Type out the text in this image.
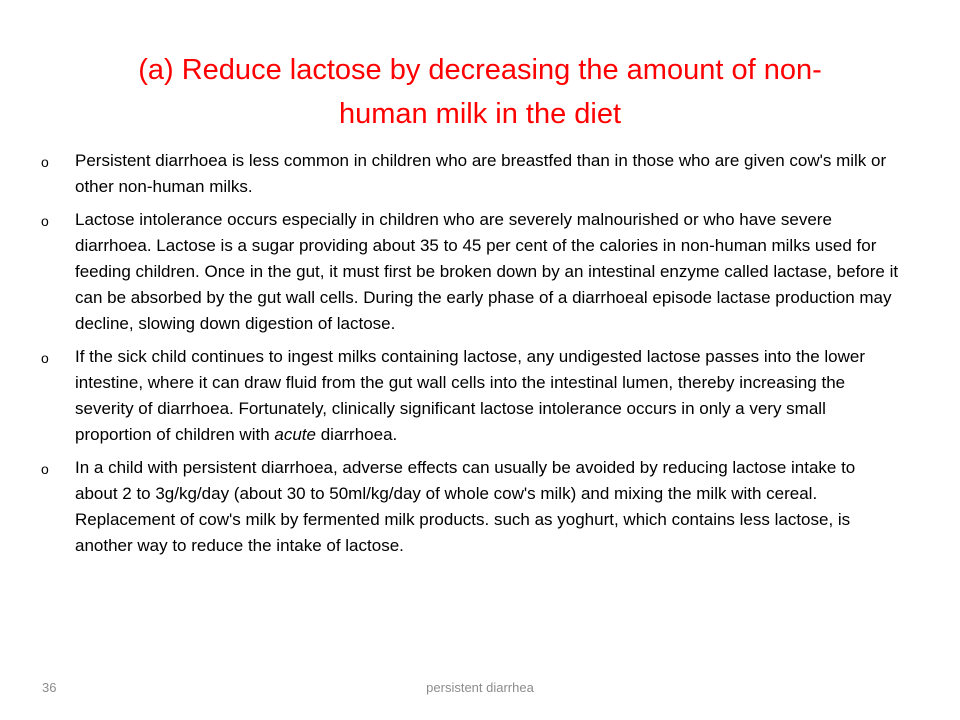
(a) Reduce lactose by decreasing the amount of non-
human milk in the diet
o Persistent diarrhoea is less common in children who are breastfed than in those who are given cow's milk or other non-human milks.
o Lactose intolerance occurs especially in children who are severely malnourished or who have severe diarrhoea. Lactose is a sugar providing about 35 to 45 per cent of the calories in non-human milks used for feeding children. Once in the gut, it must first be broken down by an intestinal enzyme called lactase, before it can be absorbed by the gut wall cells. During the early phase of a diarrhoeal episode lactase production may decline, slowing down digestion of lactose.
o If the sick child continues to ingest milks containing lactose, any undigested lactose passes into the lower intestine, where it can draw fluid from the gut wall cells into the intestinal lumen, thereby increasing the severity of diarrhoea. Fortunately, clinically significant lactose intolerance occurs in only a very small proportion of children with acute diarrhoea.
o In a child with persistent diarrhoea, adverse effects can usually be avoided by reducing lactose intake to about 2 to 3g/kg/day (about 30 to 50ml/kg/day of whole cow's milk) and mixing the milk with cereal. Replacement of cow's milk by fermented milk products. such as yoghurt, which contains less lactose, is another way to reduce the intake of lactose.
36	persistent diarrhea
